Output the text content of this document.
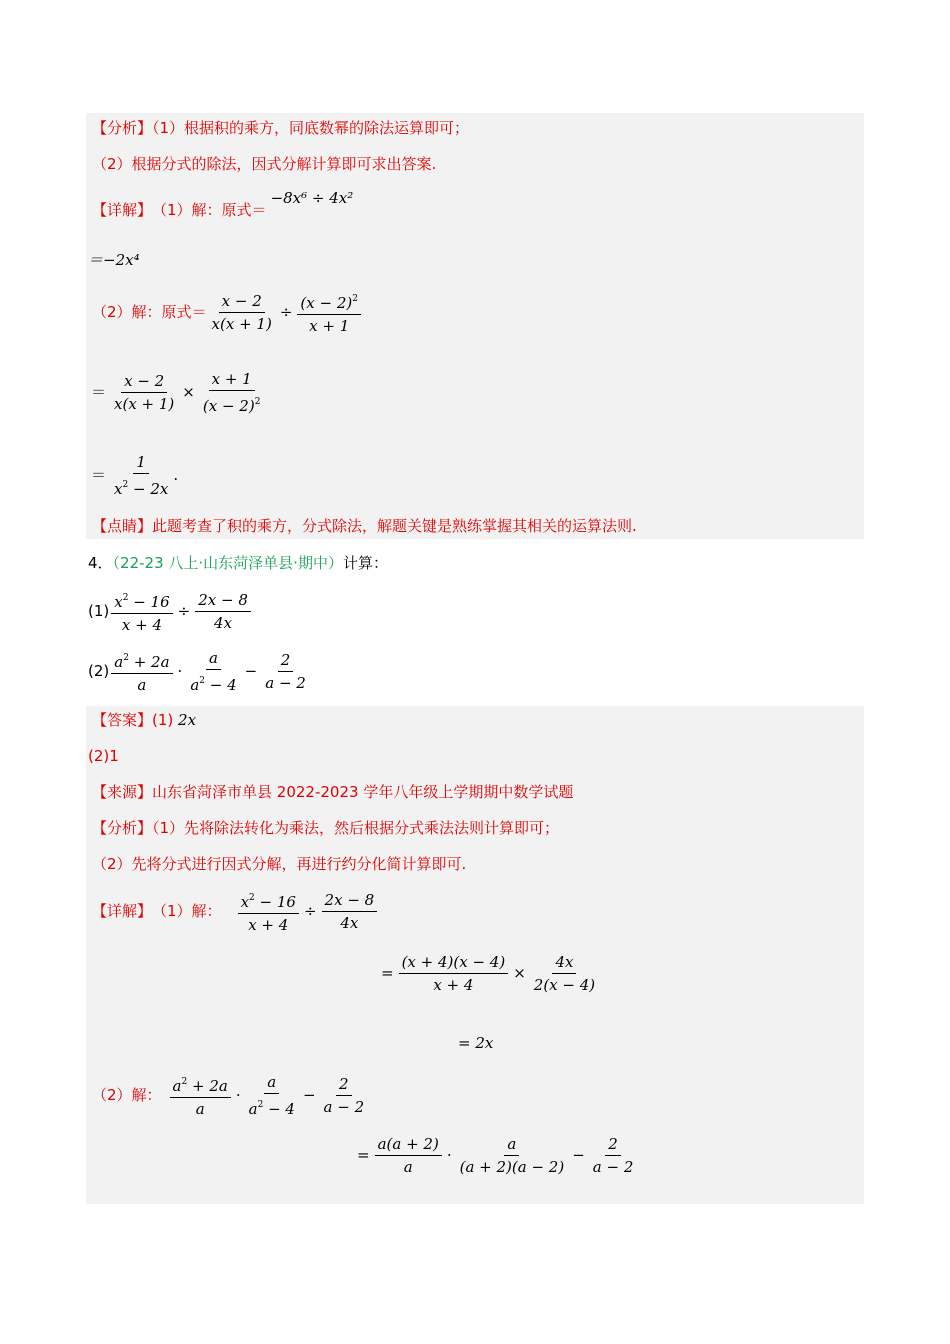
【分析】（1）根据积的乘方，同底数幂的除法运算即可；
（2）根据分式的除法，因式分解计算即可求出答案.
【详解】 （1）解：原式＝
−8x⁶ ÷ 4x²
＝−2x⁴
（2）解：原式＝ $\frac{x - 2}{x(x + 1)} \div \frac{(x - 2)^2}{x + 1}$
＝ $\frac{x - 2}{x(x + 1)} \times \frac{x + 1}{(x - 2)^2}$
＝
1
$x^2 - 2x$
.
【点睛】此题考查了积的乘方，分式除法，解题关键是熟练掌握其相关的运算法则.
4．（22-23 八上·山东菏泽单县·期中）计算：
$(1) \frac{x^2 - 16}{x + 4} \div \frac{2x - 8}{4x}$
(2)
$a^2 + 2a$
a
·
a
$a^2 - 4$
− $\frac{2}{a - 2}$
【答案】(1) 2x
(2)1
【来源】山东省菏泽市单县 2022-2023 学年八年级上学期期中数学试题
【分析】（1）先将除法转化为乘法，然后根据分式乘法法则计算即可；
（2）先将分式进行因式分解，再进行约分化简计算即可.
【详解】 （1）解： $\frac{x^2 - 16}{x + 4} \div \frac{2x - 8}{4x}$
= $\frac{(x + 4)(x - 4)}{x + 4} \times \frac{4x}{2(x - 4)}$
= 2x
（2）解：
$a^2 + 2a$
a
·
a
$a^2 - 4$
− $\frac{2}{a - 2}$
= $\frac{a(a + 2)}{a}$ ·
a
(a + 2)(a − 2)
− $\frac{2}{a - 2}$
